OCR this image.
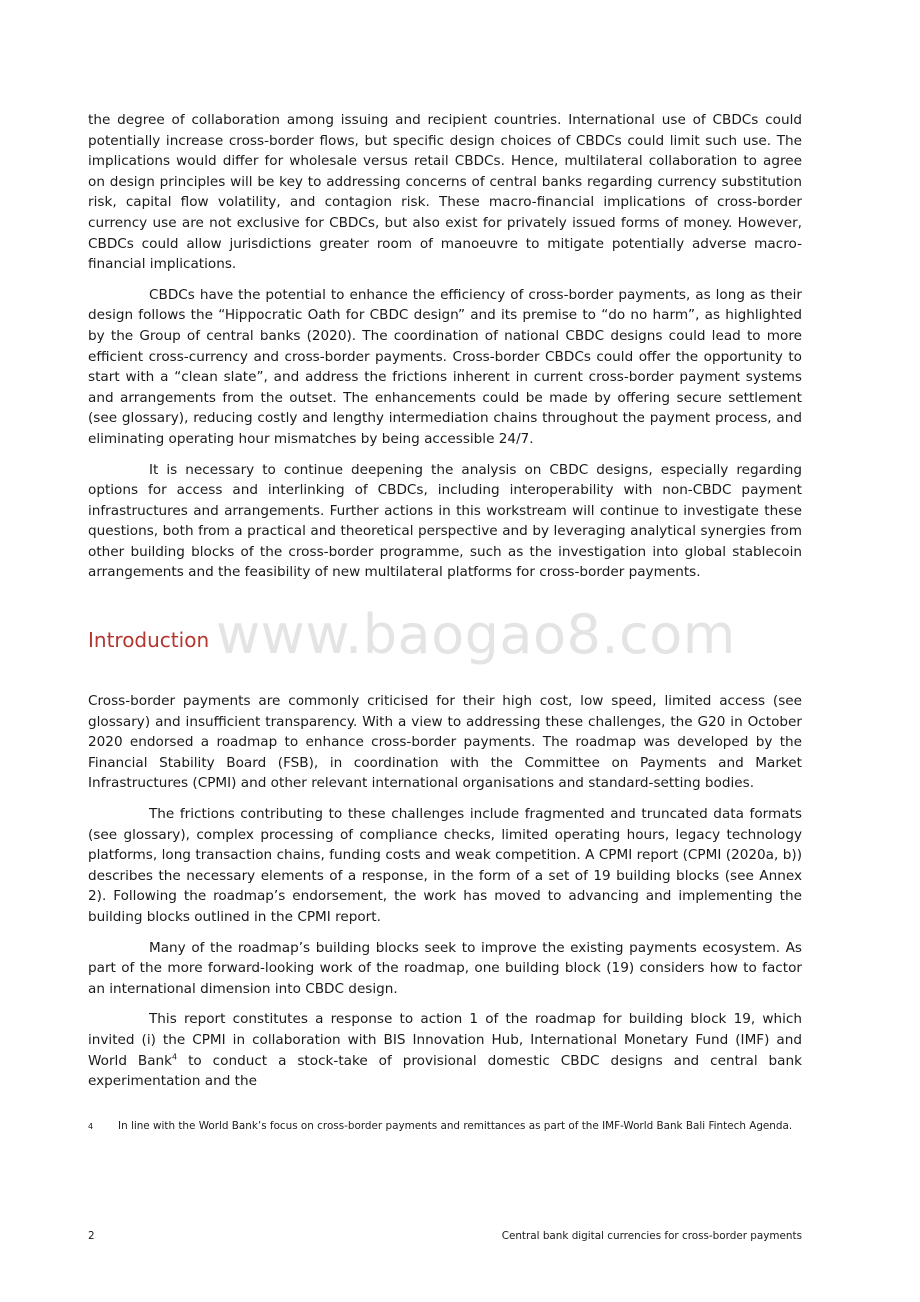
the degree of collaboration among issuing and recipient countries. International use of CBDCs could potentially increase cross-border flows, but specific design choices of CBDCs could limit such use. The implications would differ for wholesale versus retail CBDCs. Hence, multilateral collaboration to agree on design principles will be key to addressing concerns of central banks regarding currency substitution risk, capital flow volatility, and contagion risk. These macro-financial implications of cross-border currency use are not exclusive for CBDCs, but also exist for privately issued forms of money. However, CBDCs could allow jurisdictions greater room of manoeuvre to mitigate potentially adverse macro-financial implications.

CBDCs have the potential to enhance the efficiency of cross-border payments, as long as their design follows the “Hippocratic Oath for CBDC design” and its premise to “do no harm”, as highlighted by the Group of central banks (2020). The coordination of national CBDC designs could lead to more efficient cross-currency and cross-border payments. Cross-border CBDCs could offer the opportunity to start with a “clean slate”, and address the frictions inherent in current cross-border payment systems and arrangements from the outset. The enhancements could be made by offering secure settlement (see glossary), reducing costly and lengthy intermediation chains throughout the payment process, and eliminating operating hour mismatches by being accessible 24/7.

It is necessary to continue deepening the analysis on CBDC designs, especially regarding options for access and interlinking of CBDCs, including interoperability with non-CBDC payment infrastructures and arrangements. Further actions in this workstream will continue to investigate these questions, both from a practical and theoretical perspective and by leveraging analytical synergies from other building blocks of the cross-border programme, such as the investigation into global stablecoin arrangements and the feasibility of new multilateral platforms for cross-border payments.

www.baogao8.com
Introduction

Cross-border payments are commonly criticised for their high cost, low speed, limited access (see glossary) and insufficient transparency. With a view to addressing these challenges, the G20 in October 2020 endorsed a roadmap to enhance cross-border payments. The roadmap was developed by the Financial Stability Board (FSB), in coordination with the Committee on Payments and Market Infrastructures (CPMI) and other relevant international organisations and standard-setting bodies.

The frictions contributing to these challenges include fragmented and truncated data formats (see glossary), complex processing of compliance checks, limited operating hours, legacy technology platforms, long transaction chains, funding costs and weak competition. A CPMI report (CPMI (2020a, b)) describes the necessary elements of a response, in the form of a set of 19 building blocks (see Annex 2). Following the roadmap’s endorsement, the work has moved to advancing and implementing the building blocks outlined in the CPMI report.

Many of the roadmap’s building blocks seek to improve the existing payments ecosystem. As part of the more forward-looking work of the roadmap, one building block (19) considers how to factor an international dimension into CBDC design.

This report constitutes a response to action 1 of the roadmap for building block 19, which invited (i) the CPMI in collaboration with BIS Innovation Hub, International Monetary Fund (IMF) and World Bank$^4$ to conduct a stock-take of provisional domestic CBDC designs and central bank experimentation and the

4 In line with the World Bank’s focus on cross-border payments and remittances as part of the IMF-World Bank Bali Fintech Agenda.
2	Central bank digital currencies for cross-border payments
